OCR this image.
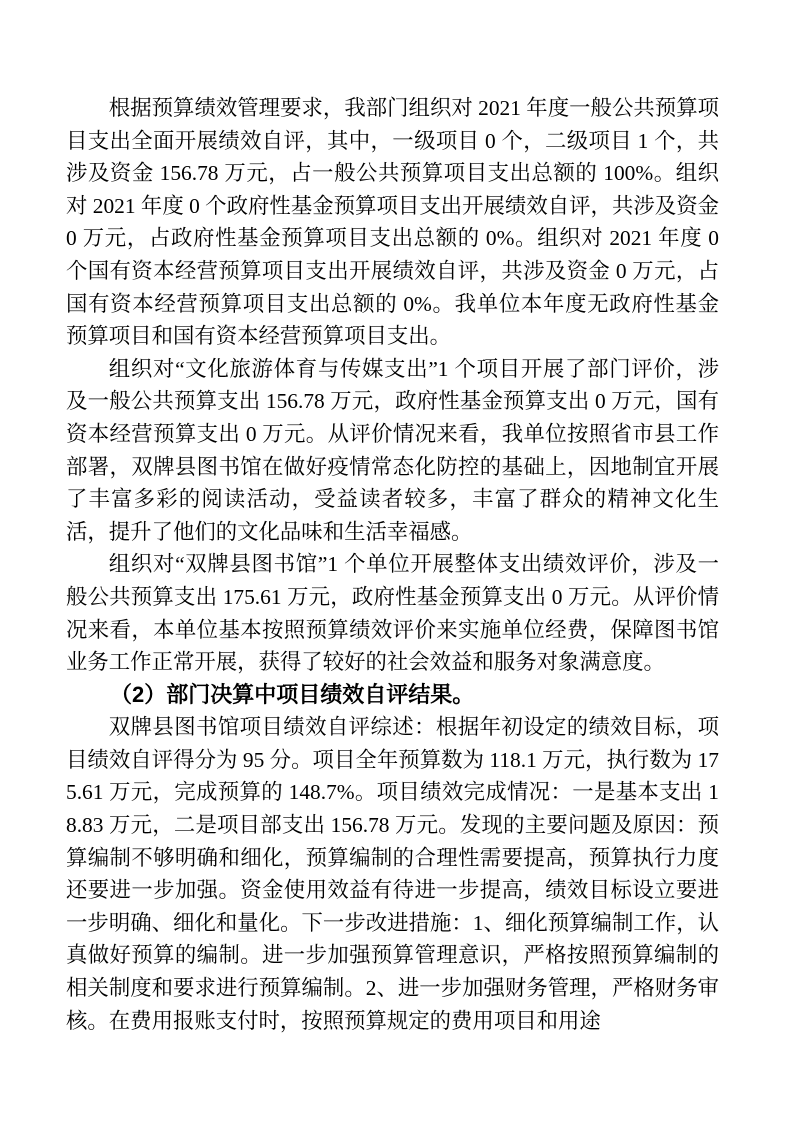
根据预算绩效管理要求，我部门组织对 2021 年度一般公共预算项目支出全面开展绩效自评，其中，一级项目 0 个，二级项目 1 个，共涉及资金 156.78 万元，占一般公共预算项目支出总额的 100%。组织对 2021 年度 0 个政府性基金预算项目支出开展绩效自评，共涉及资金 0 万元，占政府性基金预算项目支出总额的 0%。组织对 2021 年度 0 个国有资本经营预算项目支出开展绩效自评，共涉及资金 0 万元，占国有资本经营预算项目支出总额的 0%。我单位本年度无政府性基金预算项目和国有资本经营预算项目支出。

组织对“文化旅游体育与传媒支出”1 个项目开展了部门评价，涉及一般公共预算支出 156.78 万元，政府性基金预算支出 0 万元，国有资本经营预算支出 0 万元。从评价情况来看，我单位按照省市县工作部署，双牌县图书馆在做好疫情常态化防控的基础上，因地制宜开展了丰富多彩的阅读活动，受益读者较多，丰富了群众的精神文化生活，提升了他们的文化品味和生活幸福感。

组织对“双牌县图书馆”1 个单位开展整体支出绩效评价，涉及一般公共预算支出 175.61 万元，政府性基金预算支出 0 万元。从评价情况来看，本单位基本按照预算绩效评价来实施单位经费，保障图书馆业务工作正常开展，获得了较好的社会效益和服务对象满意度。

（2）部门决算中项目绩效自评结果。

双牌县图书馆项目绩效自评综述：根据年初设定的绩效目标，项目绩效自评得分为 95 分。项目全年预算数为 118.1 万元，执行数为 175.61 万元，完成预算的 148.7%。项目绩效完成情况：一是基本支出 18.83 万元，二是项目部支出 156.78 万元。发现的主要问题及原因：预算编制不够明确和细化，预算编制的合理性需要提高，预算执行力度还要进一步加强。资金使用效益有待进一步提高，绩效目标设立要进一步明确、细化和量化。下一步改进措施：1、细化预算编制工作，认真做好预算的编制。进一步加强预算管理意识，严格按照预算编制的相关制度和要求进行预算编制。2、进一步加强财务管理，严格财务审核。在费用报账支付时，按照预算规定的费用项目和用途
